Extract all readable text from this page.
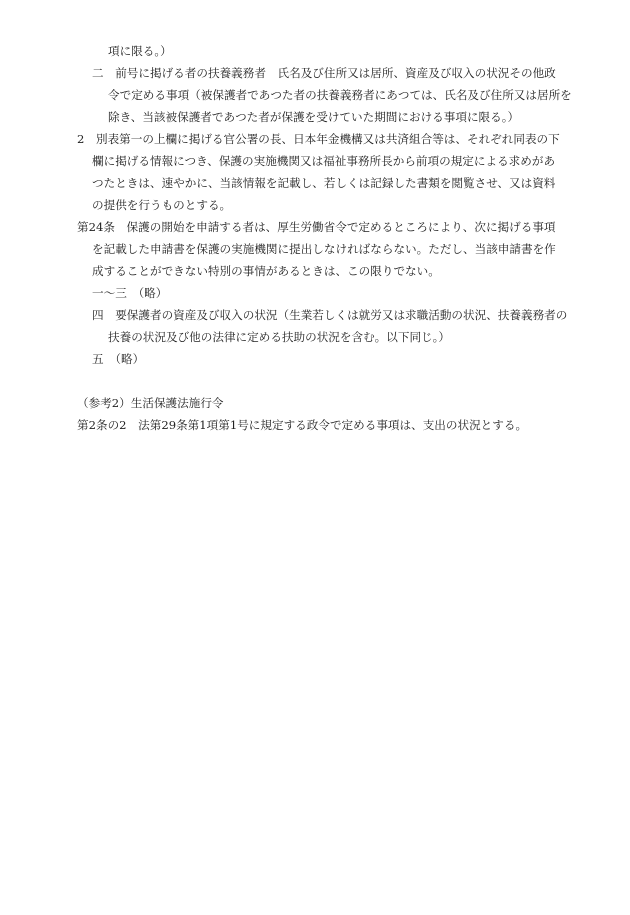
項に限る。）
二　前号に掲げる者の扶養義務者　氏名及び住所又は居所、資産及び収入の状況その他政
令で定める事項（被保護者であつた者の扶養義務者にあつては、氏名及び住所又は居所を
除き、当該被保護者であつた者が保護を受けていた期間における事項に限る。）
2　別表第一の上欄に掲げる官公署の長、日本年金機構又は共済組合等は、それぞれ同表の下
欄に掲げる情報につき、保護の実施機関又は福祉事務所長から前項の規定による求めがあ
つたときは、速やかに、当該情報を記載し、若しくは記録した書類を閲覧させ、又は資料
の提供を行うものとする。
第24条　保護の開始を申請する者は、厚生労働省令で定めるところにより、次に掲げる事項
を記載した申請書を保護の実施機関に提出しなければならない。ただし、当該申請書を作
成することができない特別の事情があるときは、この限りでない。
一～三　（略）
四　要保護者の資産及び収入の状況（生業若しくは就労又は求職活動の状況、扶養義務者の
扶養の状況及び他の法律に定める扶助の状況を含む。以下同じ。）
五　（略）
（参考2）生活保護法施行令
第2条の2　法第29条第1項第1号に規定する政令で定める事項は、支出の状況とする。
